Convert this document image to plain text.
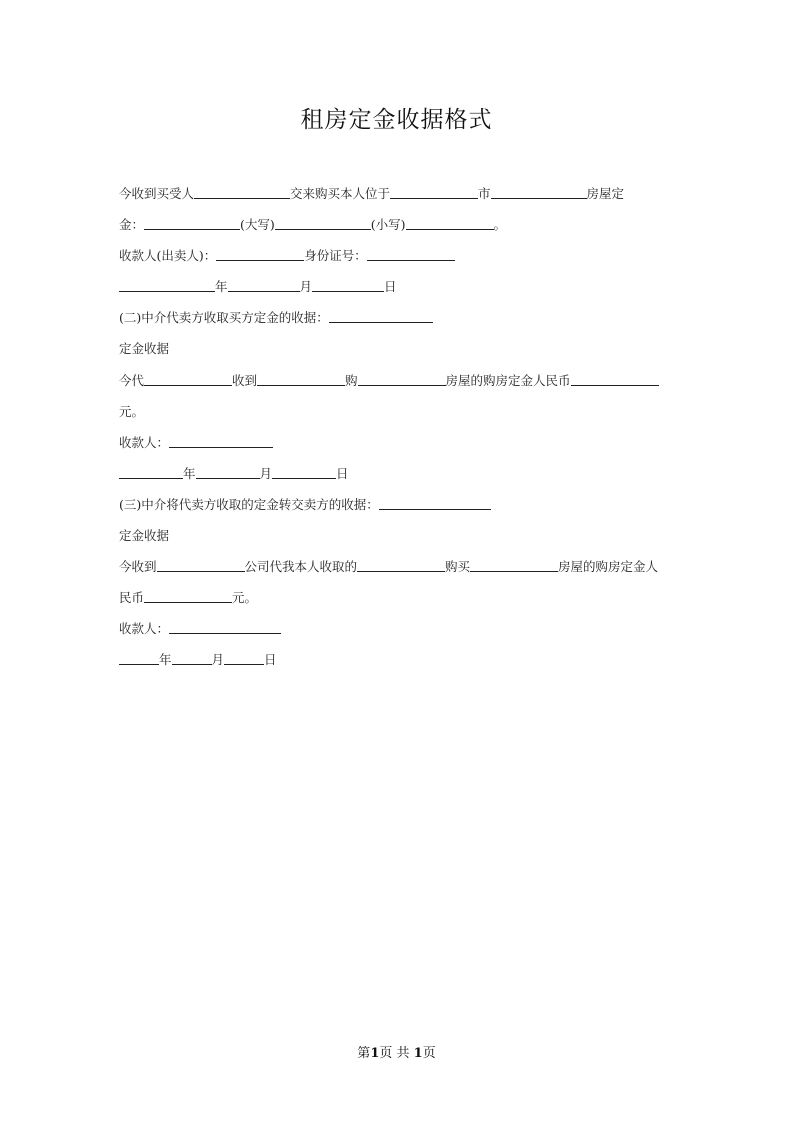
租房定金收据格式
今收到买受人	交来购买本人位于	市	房屋定
金：	(大写)	(小写)	。
收款人(出卖人)：	身份证号：
年	月	日
(二)中介代卖方收取买方定金的收据：
定金收据
今代	收到	购	房屋的购房定金人民币
元。
收款人：
年	月	日
(三)中介将代卖方收取的定金转交卖方的收据：
定金收据
今收到	公司代我本人收取的	购买	房屋的购房定金人
民币	元。
收款人：
年	月	日
第1页 共 1页
